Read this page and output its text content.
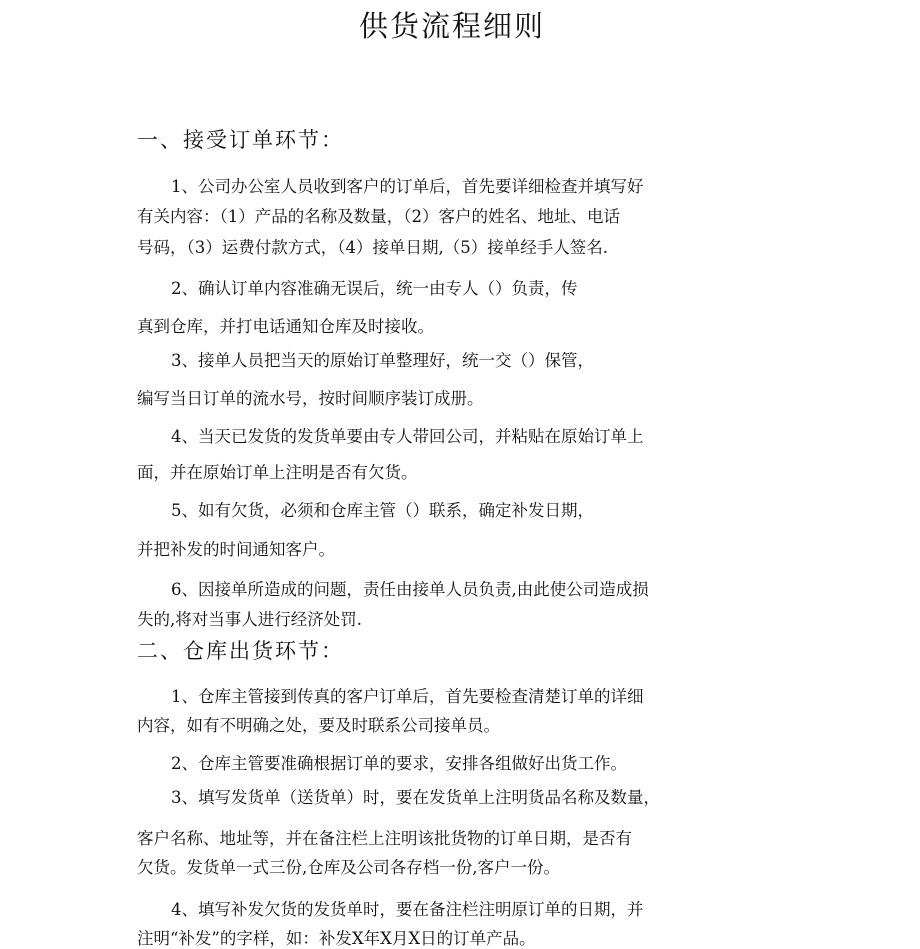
供货流程细则
一、接受订单环节：

1、公司办公室人员收到客户的订单后，首先要详细检查并填写好

有关内容：（1）产品的名称及数量，（2）客户的姓名、地址、电话

号码，（3）运费付款方式，（4）接单日期,（5）接单经手人签名.

2、确认订单内容准确无误后，统一由专人（）负责，传

真到仓库，并打电话通知仓库及时接收。

3、接单人员把当天的原始订单整理好，统一交（）保管，

编写当日订单的流水号，按时间顺序装订成册。

4、当天已发货的发货单要由专人带回公司，并粘贴在原始订单上

面，并在原始订单上注明是否有欠货。

5、如有欠货，必须和仓库主管（）联系，确定补发日期，

并把补发的时间通知客户。

6、因接单所造成的问题，责任由接单人员负责,由此使公司造成损

失的,将对当事人进行经济处罚.

二、仓库出货环节：

1、仓库主管接到传真的客户订单后，首先要检查清楚订单的详细

内容，如有不明确之处，要及时联系公司接单员。

2、仓库主管要准确根据订单的要求，安排各组做好出货工作。

3、填写发货单（送货单）时，要在发货单上注明货品名称及数量，

客户名称、地址等，并在备注栏上注明该批货物的订单日期，是否有

欠货。发货单一式三份,仓库及公司各存档一份,客户一份。

4、填写补发欠货的发货单时，要在备注栏注明原订单的日期，并

注明“补发”的字样，如：补发X年X月X日的订单产品。
